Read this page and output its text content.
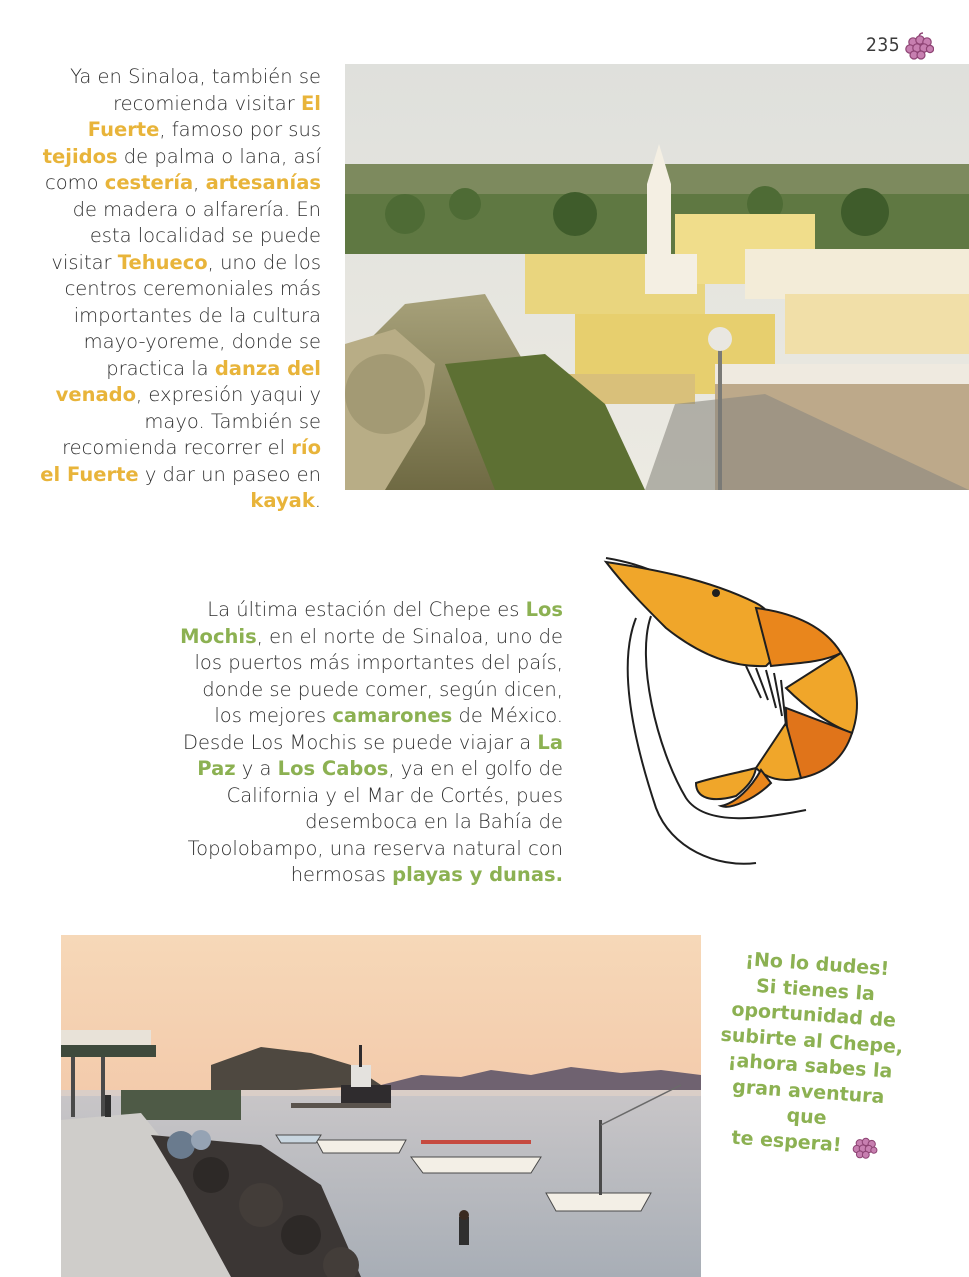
235
Ya en Sinaloa, también se recomienda visitar El Fuerte, famoso por sus tejidos de palma o lana, así como cestería, artesanías de madera o alfarería. En esta localidad se puede visitar Tehueco, uno de los centros ceremoniales más importantes de la cultura mayo-yoreme, donde se practica la danza del venado, expresión yaqui y mayo. También se recomienda recorrer el río el Fuerte y dar un paseo en kayak.
La última estación del Chepe es Los Mochis, en el norte de Sinaloa, uno de los puertos más importantes del país, donde se puede comer, según dicen, los mejores camarones de México. Desde Los Mochis se puede viajar a La Paz y a Los Cabos, ya en el golfo de California y el Mar de Cortés, pues desemboca en la Bahía de Topolobampo, una reserva natural con hermosas playas y dunas.
¡No lo dudes!
Si tienes la
oportunidad de
subirte al Chepe,
¡ahora sabes la
gran aventura que
te espera!
